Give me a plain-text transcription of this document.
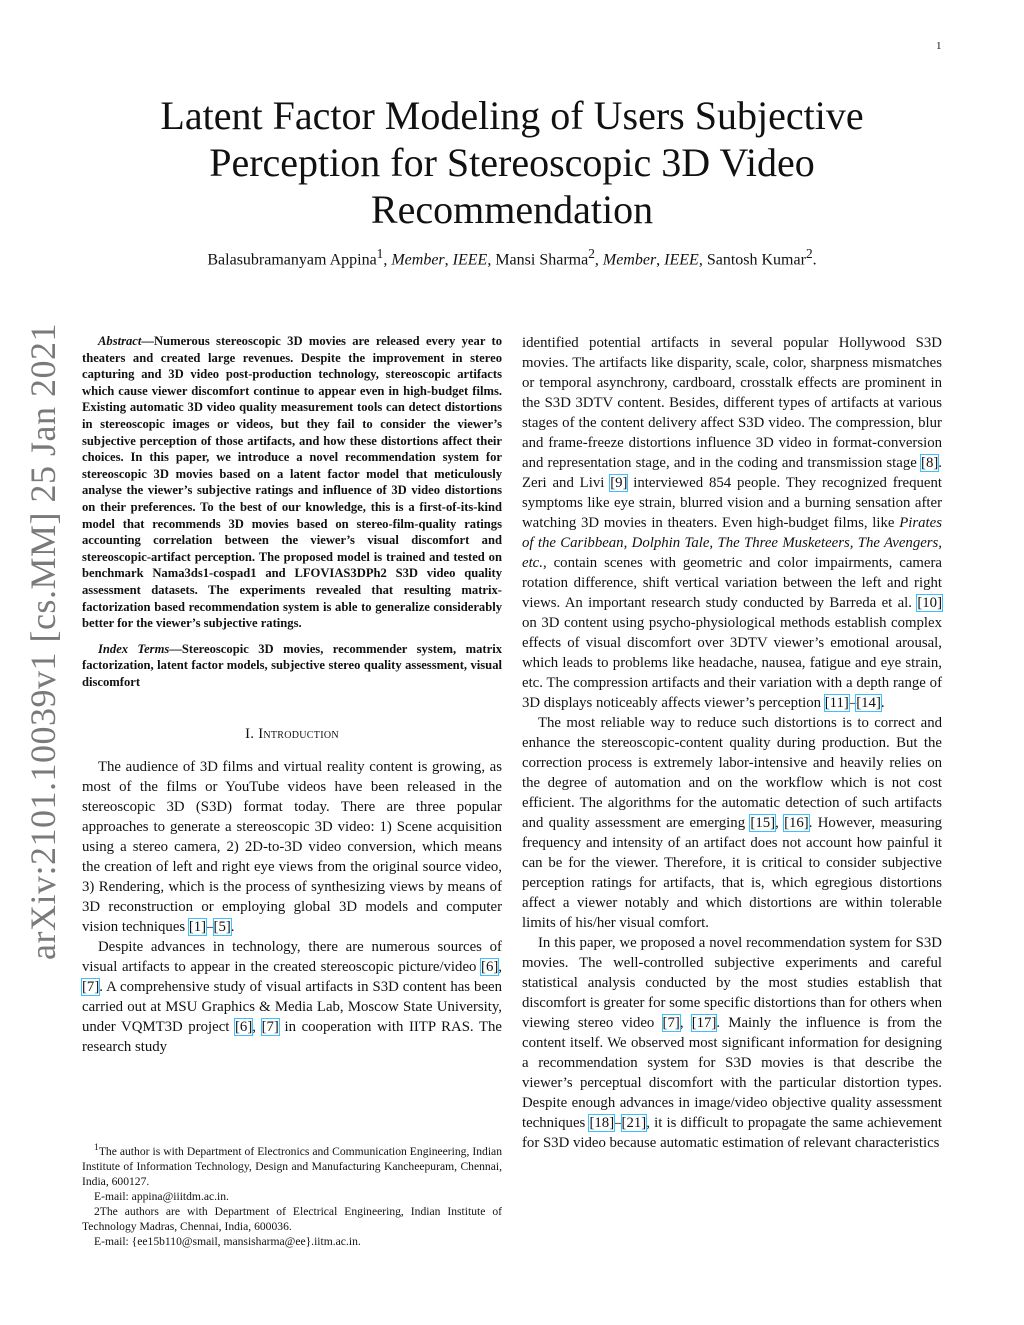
1
arXiv:2101.10039v1 [cs.MM] 25 Jan 2021
Latent Factor Modeling of Users Subjective Perception for Stereoscopic 3D Video Recommendation
Balasubramanyam Appina$^1$, Member, IEEE, Mansi Sharma$^2$, Member, IEEE, Santosh Kumar$^2$.

Abstract—Numerous stereoscopic 3D movies are released every year to theaters and created large revenues. Despite the improvement in stereo capturing and 3D video post-production technology, stereoscopic artifacts which cause viewer discomfort continue to appear even in high-budget films. Existing automatic 3D video quality measurement tools can detect distortions in stereoscopic images or videos, but they fail to consider the viewer’s subjective perception of those artifacts, and how these distortions affect their choices. In this paper, we introduce a novel recommendation system for stereoscopic 3D movies based on a latent factor model that meticulously analyse the viewer’s subjective ratings and influence of 3D video distortions on their preferences. To the best of our knowledge, this is a first-of-its-kind model that recommends 3D movies based on stereo-film-quality ratings accounting correlation between the viewer’s visual discomfort and stereoscopic-artifact perception. The proposed model is trained and tested on benchmark Nama3ds1-cospad1 and LFOVIAS3DPh2 S3D video quality assessment datasets. The experiments revealed that resulting matrix-factorization based recommendation system is able to generalize considerably better for the viewer’s subjective ratings.

Index Terms—Stereoscopic 3D movies, recommender system, matrix factorization, latent factor models, subjective stereo quality assessment, visual discomfort

I. Introduction

The audience of 3D films and virtual reality content is growing, as most of the films or YouTube videos have been released in the stereoscopic 3D (S3D) format today. There are three popular approaches to generate a stereoscopic 3D video: 1) Scene acquisition using a stereo camera, 2) 2D-to-3D video conversion, which means the creation of left and right eye views from the original source video, 3) Rendering, which is the process of synthesizing views by means of 3D reconstruction or employing global 3D models and computer vision techniques [1]–[5].

Despite advances in technology, there are numerous sources of visual artifacts to appear in the created stereoscopic picture/video [6], [7]. A comprehensive study of visual artifacts in S3D content has been carried out at MSU Graphics & Media Lab, Moscow State University, under VQMT3D project [6], [7] in cooperation with IITP RAS. The research study

$^1$The author is with Department of Electronics and Communication Engineering, Indian Institute of Information Technology, Design and Manufacturing Kancheepuram, Chennai, India, 600127.

E-mail: appina@iiitdm.ac.in.

2The authors are with Department of Electrical Engineering, Indian Institute of Technology Madras, Chennai, India, 600036.

E-mail: {ee15b110@smail, mansisharma@ee}.iitm.ac.in.

identified potential artifacts in several popular Hollywood S3D movies. The artifacts like disparity, scale, color, sharpness mismatches or temporal asynchrony, cardboard, crosstalk effects are prominent in the S3D 3DTV content. Besides, different types of artifacts at various stages of the content delivery affect S3D video. The compression, blur and frame-freeze distortions influence 3D video in format-conversion and representation stage, and in the coding and transmission stage [8]. Zeri and Livi [9] interviewed 854 people. They recognized frequent symptoms like eye strain, blurred vision and a burning sensation after watching 3D movies in theaters. Even high-budget films, like Pirates of the Caribbean, Dolphin Tale, The Three Musketeers, The Avengers, etc., contain scenes with geometric and color impairments, camera rotation difference, shift vertical variation between the left and right views. An important research study conducted by Barreda et al. [10] on 3D content using psycho-physiological methods establish complex effects of visual discomfort over 3DTV viewer’s emotional arousal, which leads to problems like headache, nausea, fatigue and eye strain, etc. The compression artifacts and their variation with a depth range of 3D displays noticeably affects viewer’s perception [11]–[14].

The most reliable way to reduce such distortions is to correct and enhance the stereoscopic-content quality during production. But the correction process is extremely labor-intensive and heavily relies on the degree of automation and on the workflow which is not cost efficient. The algorithms for the automatic detection of such artifacts and quality assessment are emerging [15], [16]. However, measuring frequency and intensity of an artifact does not account how painful it can be for the viewer. Therefore, it is critical to consider subjective perception ratings for artifacts, that is, which egregious distortions affect a viewer notably and which distortions are within tolerable limits of his/her visual comfort.

In this paper, we proposed a novel recommendation system for S3D movies. The well-controlled subjective experiments and careful statistical analysis conducted by the most studies establish that discomfort is greater for some specific distortions than for others when viewing stereo video [7], [17]. Mainly the influence is from the content itself. We observed most significant information for designing a recommendation system for S3D movies is that describe the viewer’s perceptual discomfort with the particular distortion types. Despite enough advances in image/video objective quality assessment techniques [18]–[21], it is difficult to propagate the same achievement for S3D video because automatic estimation of relevant characteristics
